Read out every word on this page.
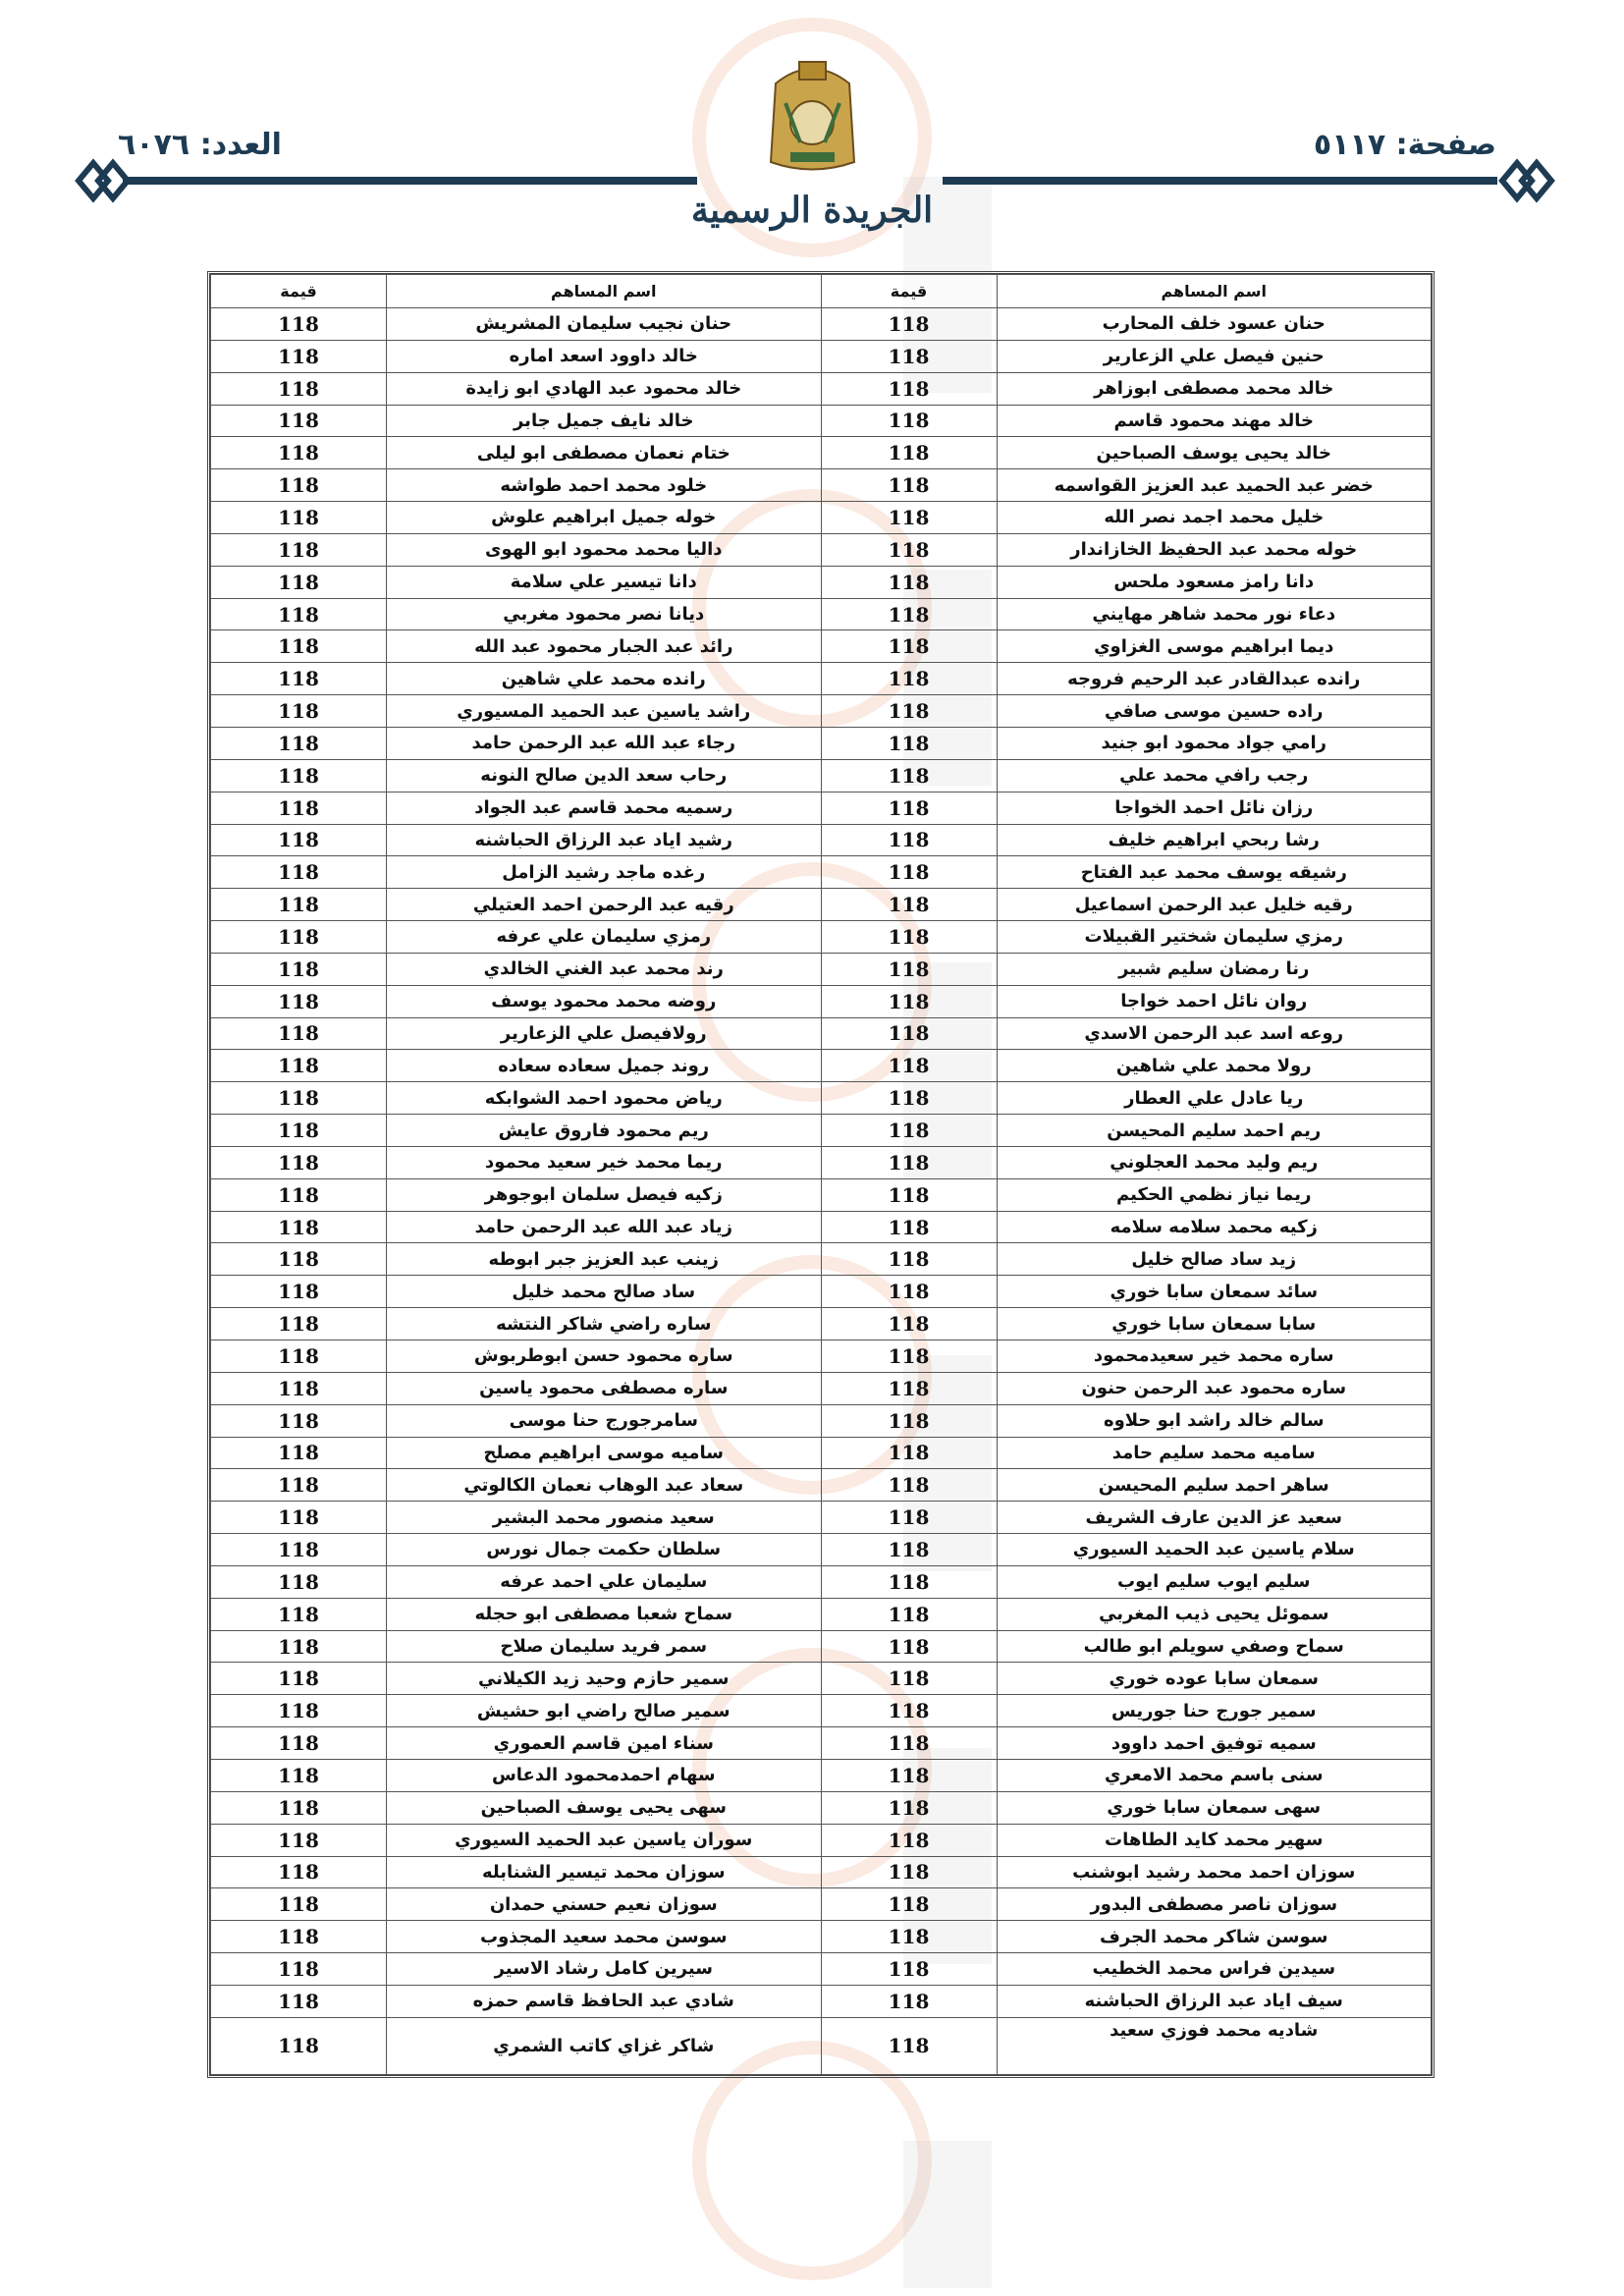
صفحة: ٥١١٧
العدد: ٦٠٧٦
الجريدة الرسمية
اسم المساهم	قيمة	اسم المساهم	قيمة
حنان عسود خلف المحارب	118	حنان نجيب سليمان المشريش	118
حنين فيصل علي الزعارير	118	خالد داوود اسعد اماره	118
خالد محمد مصطفى ابوزاهر	118	خالد محمود عبد الهادي ابو زايدة	118
خالد مهند محمود قاسم	118	خالد نايف جميل جابر	118
خالد يحيى يوسف الصباحين	118	ختام نعمان مصطفى ابو ليلى	118
خضر عبد الحميد عبد العزيز القواسمه	118	خلود محمد احمد طواشه	118
خليل محمد اجمد نصر الله	118	خوله جميل ابراهيم علوش	118
خوله محمد عبد الحفيظ الخازاندار	118	داليا محمد محمود ابو الهوى	118
دانا رامز مسعود ملحس	118	دانا تيسير علي سلامة	118
دعاء نور محمد شاهر مهايني	118	ديانا نصر محمود مغربي	118
ديما ابراهيم موسى الغزاوي	118	رائد عبد الجبار محمود عبد الله	118
رانده عبدالقادر عبد الرحيم فروجه	118	رانده محمد علي شاهين	118
راده حسين موسى صافي	118	راشد ياسين عبد الحميد المسيوري	118
رامي جواد محمود ابو جنيد	118	رجاء عبد الله عبد الرحمن حامد	118
رجب رافي محمد علي	118	رحاب سعد الدين صالح النونه	118
رزان نائل احمد الخواجا	118	رسميه محمد قاسم عبد الجواد	118
رشا ربحي ابراهيم خليف	118	رشيد اياد عبد الرزاق الحباشنه	118
رشيقه يوسف محمد عبد الفتاح	118	رغده ماجد رشيد الزامل	118
رقيه خليل عبد الرحمن اسماعيل	118	رقيه عبد الرحمن احمد العتيلي	118
رمزي سليمان شختير القبيلات	118	رمزي سليمان علي عرفه	118
رنا رمضان سليم شبير	118	رند محمد عبد الغني الخالدي	118
روان نائل احمد خواجا	118	روضه محمد محمود يوسف	118
روعه اسد عبد الرحمن الاسدي	118	رولافيصل علي الزعارير	118
رولا محمد علي شاهين	118	روند جميل سعاده سعاده	118
ريا عادل علي العطار	118	رياض محمود احمد الشوابكه	118
ريم احمد سليم المحيسن	118	ريم محمود فاروق عايش	118
ريم وليد محمد العجلوني	118	ريما محمد خير سعيد محمود	118
ريما نياز نظمي الحكيم	118	زكيه فيصل سلمان ابوجوهر	118
زكيه محمد سلامه سلامه	118	زياد عبد الله عبد الرحمن حامد	118
زيد ساد صالح خليل	118	زينب عبد العزيز جبر ابوطه	118
سائد سمعان سابا خوري	118	ساد صالح محمد خليل	118
سابا سمعان سابا خوري	118	ساره راضي شاكر النتشه	118
ساره محمد خير سعيدمحمود	118	ساره محمود حسن ابوطربوش	118
ساره محمود عبد الرحمن حنون	118	ساره مصطفى محمود ياسين	118
سالم خالد راشد ابو حلاوه	118	سامرجورج حنا موسى	118
ساميه محمد سليم حامد	118	ساميه موسى ابراهيم مصلح	118
ساهر احمد سليم المحيسن	118	سعاد عبد الوهاب نعمان الكالوتي	118
سعيد عز الدين عارف الشريف	118	سعيد منصور محمد البشير	118
سلام ياسين عبد الحميد السيوري	118	سلطان حكمت جمال نورس	118
سليم ايوب سليم ايوب	118	سليمان علي احمد عرفه	118
سموئل يحيى ذيب المغربي	118	سماح شعبا مصطفى ابو حجله	118
سماح وصفي سويلم ابو طالب	118	سمر فريد سليمان صلاح	118
سمعان سابا عوده خوري	118	سمير حازم وحيد زيد الكيلاني	118
سمير جورج حنا جوريس	118	سمير صالح راضي ابو حشيش	118
سميه توفيق احمد داوود	118	سناء امين قاسم العموري	118
سنى باسم محمد الامعري	118	سهام احمدمحمود الدعاس	118
سهى سمعان سابا خوري	118	سهى يحيى يوسف الصباحين	118
سهير محمد كايد الطاهات	118	سوران ياسين عبد الحميد السيوري	118
سوزان احمد محمد رشيد ابوشنب	118	سوزان محمد تيسير الشنابله	118
سوزان ناصر مصطفى البدور	118	سوزان نعيم حسني حمدان	118
سوسن شاكر محمد الجرف	118	سوسن محمد سعيد المجذوب	118
سيدين فراس محمد الخطيب	118	سيرين كامل رشاد الاسير	118
سيف اياد عبد الرزاق الحباشنه	118	شادي عبد الحافظ قاسم حمزه	118
شاديه محمد فوزي سعيد	118	شاكر غزاي كاتب الشمري	118
